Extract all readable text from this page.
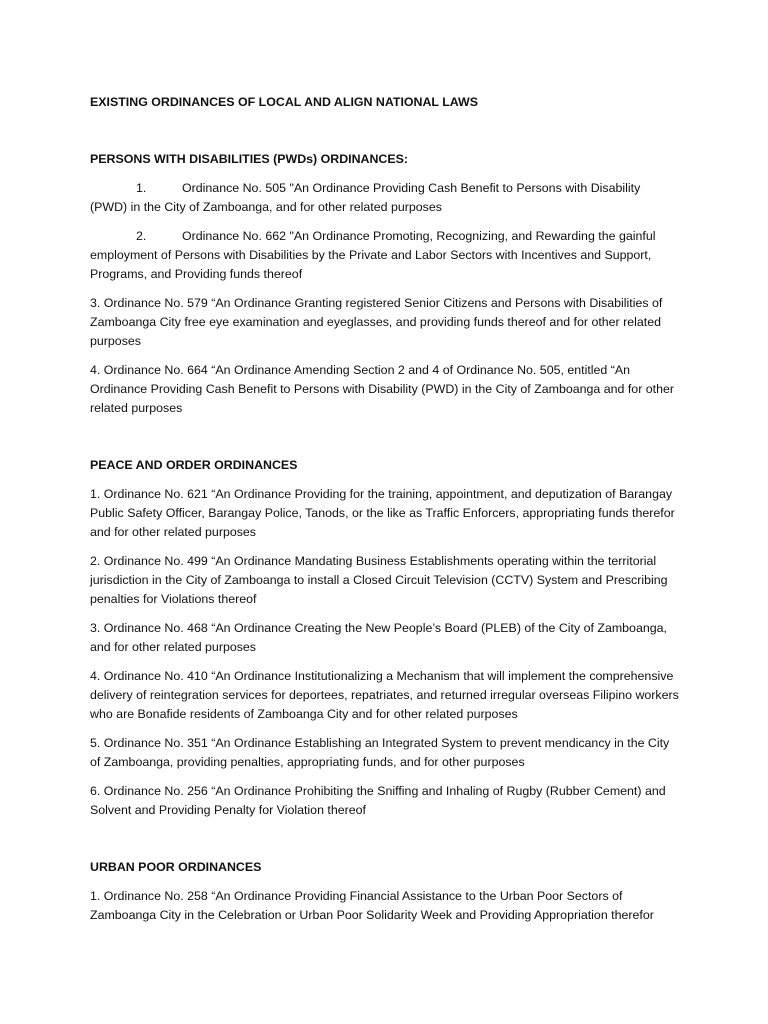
EXISTING ORDINANCES OF LOCAL AND ALIGN NATIONAL LAWS
PERSONS WITH DISABILITIES (PWDs) ORDINANCES:
1.	Ordinance No. 505 "An Ordinance Providing Cash Benefit to Persons with Disability (PWD) in the City of Zamboanga, and for other related purposes
2.	Ordinance No. 662 "An Ordinance Promoting, Recognizing, and Rewarding the gainful employment of Persons with Disabilities by the Private and Labor Sectors with Incentives and Support, Programs, and Providing funds thereof
3. Ordinance No. 579 “An Ordinance Granting registered Senior Citizens and Persons with Disabilities of Zamboanga City free eye examination and eyeglasses, and providing funds thereof and for other related purposes
4. Ordinance No. 664 “An Ordinance Amending Section 2 and 4 of Ordinance No. 505, entitled “An Ordinance Providing Cash Benefit to Persons with Disability (PWD) in the City of Zamboanga and for other related purposes
PEACE AND ORDER ORDINANCES
1. Ordinance No. 621 “An Ordinance Providing for the training, appointment, and deputization of Barangay Public Safety Officer, Barangay Police, Tanods, or the like as Traffic Enforcers, appropriating funds therefor and for other related purposes
2. Ordinance No. 499 “An Ordinance Mandating Business Establishments operating within the territorial jurisdiction in the City of Zamboanga to install a Closed Circuit Television (CCTV) System and Prescribing penalties for Violations thereof
3. Ordinance No. 468 “An Ordinance Creating the New People’s Board (PLEB) of the City of Zamboanga, and for other related purposes
4. Ordinance No. 410 “An Ordinance Institutionalizing a Mechanism that will implement the comprehensive delivery of reintegration services for deportees, repatriates, and returned irregular overseas Filipino workers who are Bonafide residents of Zamboanga City and for other related purposes
5. Ordinance No. 351 “An Ordinance Establishing an Integrated System to prevent mendicancy in the City of Zamboanga, providing penalties, appropriating funds, and for other purposes
6. Ordinance No. 256 “An Ordinance Prohibiting the Sniffing and Inhaling of Rugby (Rubber Cement) and Solvent and Providing Penalty for Violation thereof
URBAN POOR ORDINANCES
1. Ordinance No. 258 “An Ordinance Providing Financial Assistance to the Urban Poor Sectors of Zamboanga City in the Celebration or Urban Poor Solidarity Week and Providing Appropriation therefor
